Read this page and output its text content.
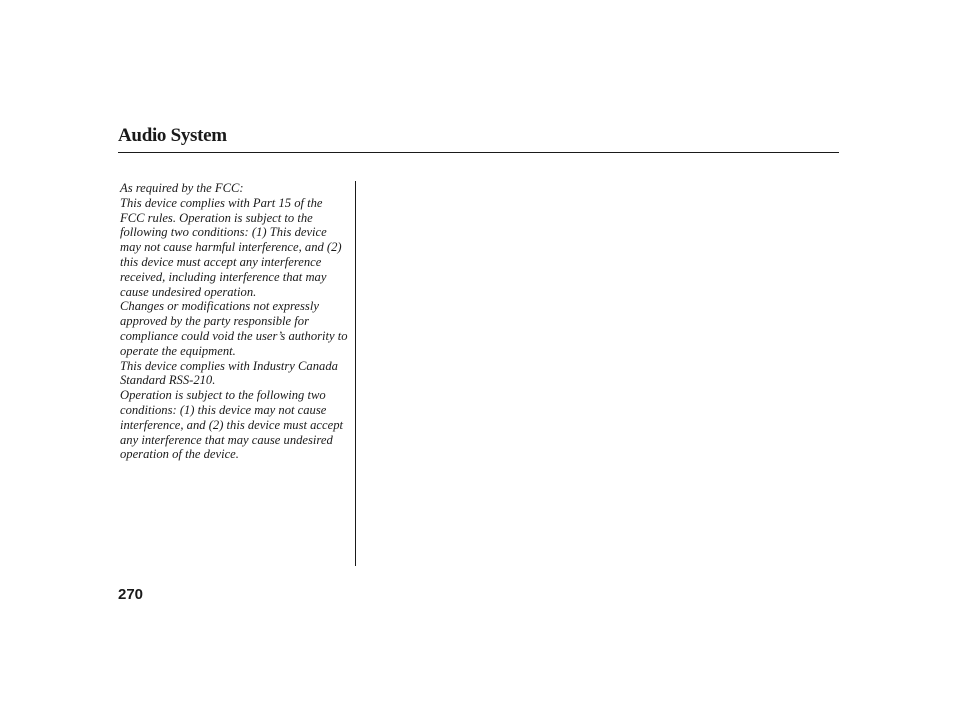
Audio System

As required by the FCC:

This device complies with Part 15 of the FCC rules. Operation is subject to the following two conditions: (1) This device may not cause harmful interference, and (2) this device must accept any interference received, including interference that may cause undesired operation.

Changes or modifications not expressly approved by the party responsible for compliance could void the user’s authority to operate the equipment.

This device complies with Industry Canada Standard RSS-210.

Operation is subject to the following two conditions: (1) this device may not cause interference, and (2) this device must accept any interference that may cause undesired operation of the device.

270
